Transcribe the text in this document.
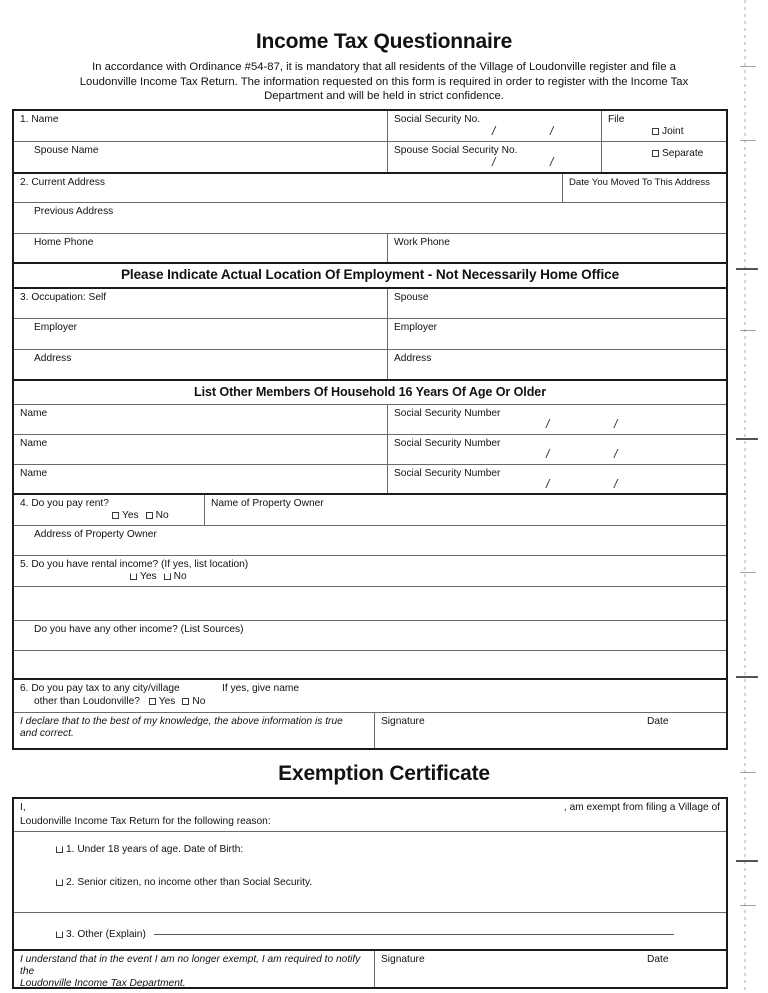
Income Tax Questionnaire

In accordance with Ordinance #54-87, it is mandatory that all residents of the Village of Loudonville register and file a Loudonville Income Tax Return. The information requested on this form is required in order to register with the Income Tax Department and will be held in strict confidence.

1. Name	Social Security No.
/	/
File
Spouse Name	Spouse Social Security No.
/	/
Joint
Separate
2. Current Address	Date You Moved To This Address
Previous Address
Home Phone	Work Phone
Please Indicate Actual Location Of Employment - Not Necessarily Home Office
3. Occupation: Self	Spouse
Employer	Employer
Address	Address
List Other Members Of Household 16 Years Of Age Or Older
Name	Social Security Number
/	/
Name	Social Security Number
/	/
Name	Social Security Number
/	/
4. Do you pay rent?
Yes No
Name of Property Owner
Address of Property Owner
5. Do you have rental income? (If yes, list location)
Yes No
Do you have any other income? (List Sources)
6. Do you pay tax to any city/village	If yes, give name
other than Loudonville? Yes No
I declare that to the best of my knowledge, the above information is true
and correct.
Signature	Date
Exemption Certificate
I,	, am exempt from filing a Village of
Loudonville Income Tax Return for the following reason:
1. Under 18 years of age. Date of Birth:
2. Senior citizen, no income other than Social Security.
3. Other (Explain)
I understand that in the event I am no longer exempt, I am required to notify the
Loudonville Income Tax Department.
Signature	Date
